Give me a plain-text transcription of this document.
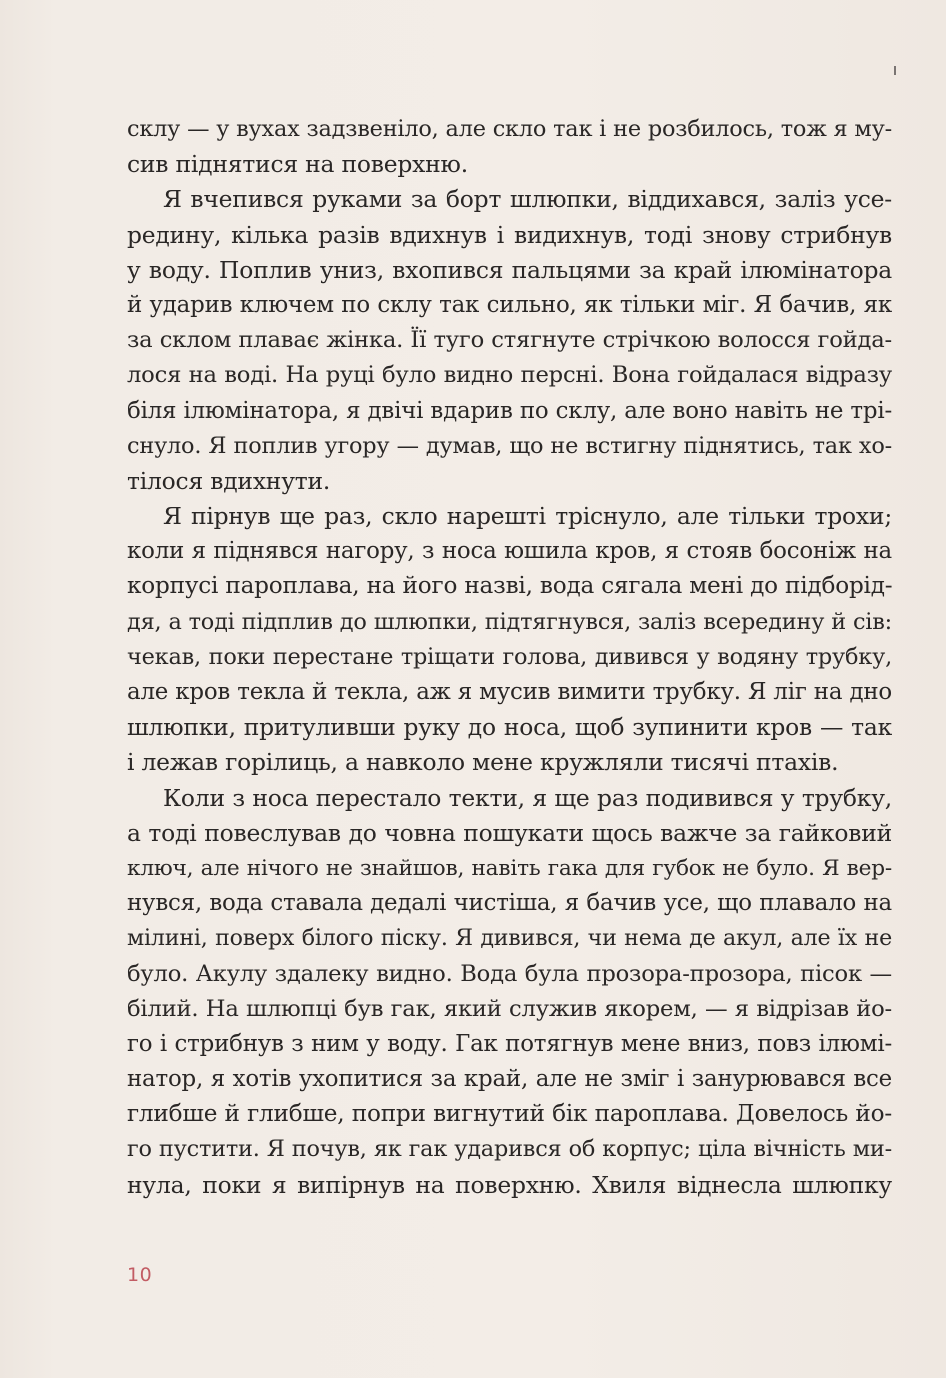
склу — у вухах задзвеніло, але скло так і не розбилось, тож я му-
сив піднятися на поверхню.
Я вчепився руками за борт шлюпки, віддихався, заліз усе-
редину, кілька разів вдихнув і видихнув, тоді знову стрибнув
у воду. Поплив униз, вхопився пальцями за край ілюмінатора
й ударив ключем по склу так сильно, як тільки міг. Я бачив, як
за склом плаває жінка. Її туго стягнуте стрічкою волосся гойда-
лося на воді. На руці було видно персні. Вона гойдалася відразу
біля ілюмінатора, я двічі вдарив по склу, але воно навіть не трі-
снуло. Я поплив угору — думав, що не встигну піднятись, так хо-
тілося вдихнути.
Я пірнув ще раз, скло нарешті тріснуло, але тільки трохи;
коли я піднявся нагору, з носа юшила кров, я стояв босоніж на
корпусі пароплава, на його назві, вода сягала мені до підборід-
дя, а тоді підплив до шлюпки, підтягнувся, заліз всередину й сів:
чекав, поки перестане тріщати голова, дивився у водяну трубку,
але кров текла й текла, аж я мусив вимити трубку. Я ліг на дно
шлюпки, притуливши руку до носа, щоб зупинити кров — так
і лежав горілиць, а навколо мене кружляли тисячі птахів.
Коли з носа перестало текти, я ще раз подивився у трубку,
а тоді повеслував до човна пошукати щось важче за гайковий
ключ, але нічого не знайшов, навіть гака для губок не було. Я вер-
нувся, вода ставала дедалі чистіша, я бачив усе, що плавало на
мілині, поверх білого піску. Я дивився, чи нема де акул, але їх не
було. Акулу здалеку видно. Вода була прозора-прозора, пісок —
білий. На шлюпці був гак, який служив якорем, — я відрізав йо-
го і стрибнув з ним у воду. Гак потягнув мене вниз, повз ілюмі-
натор, я хотів ухопитися за край, але не зміг і занурювався все
глибше й глибше, попри вигнутий бік пароплава. Довелось йо-
го пустити. Я почув, як гак ударився об корпус; ціла вічність ми-
нула, поки я випірнув на поверхню. Хвиля віднесла шлюпку
10
